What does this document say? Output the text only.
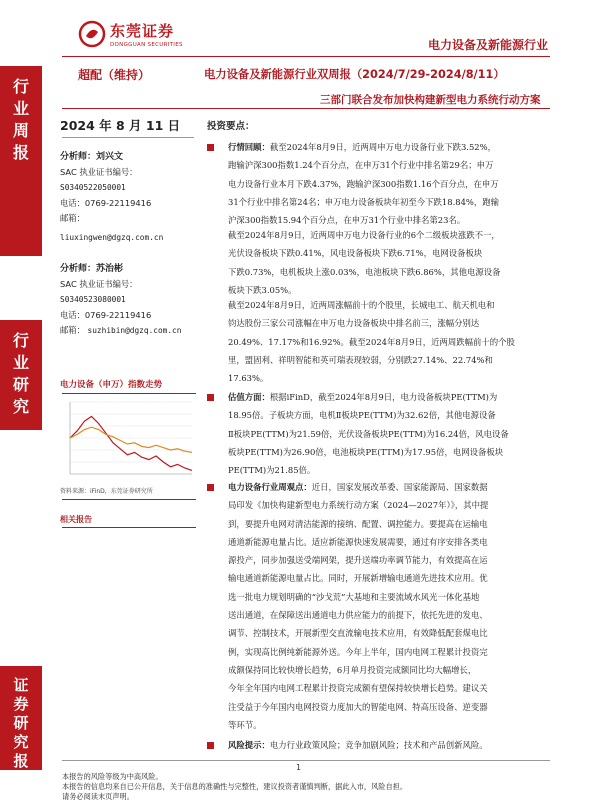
东莞证券
DONGGUAN SECURITIES	电力设备及新能源行业
行业周报
行业研究
证券研究报告
超配（维持）	电力设备及新能源行业双周报（2024/7/29-2024/8/11）
三部门联合发布加快构建新型电力系统行动方案
2024 年 8 月 11 日
分析师：刘兴文
SAC 执业证书编号：
S0340522050001
电话：0769-22119416
邮箱：
liuxingwen@dgzq.com.cn
分析师：苏治彬
SAC 执业证书编号：
S0340523080001
电话：0769-22119416
邮箱： suzhibin@dgzq.com.cn
电力设备（申万）指数走势
资料来源：iFinD，东莞证券研究所
相关报告
投资要点：
行情回顾：截至2024年8月9日，近两周申万电力设备行业下跌3.52%，
跑输沪深300指数1.24个百分点，在申万31个行业中排名第29名；申万
电力设备行业本月下跌4.37%，跑输沪深300指数1.16个百分点，在申万
31个行业中排名第24名；申万电力设备板块年初至今下跌18.84%，跑输
沪深300指数15.94个百分点，在申万31个行业中排名第23名。
截至2024年8月9日，近两周申万电力设备行业的6个二级板块涨跌不一，
光伏设备板块下跌0.41%，风电设备板块下跌6.71%，电网设备板块
下跌0.73%，电机板块上涨0.03%，电池板块下跌6.86%，其他电源设备
板块下跌3.05%。
截至2024年8月9日，近两周涨幅前十的个股里，长城电工、航天机电和
钧达股份三家公司涨幅在申万电力设备板块中排名前三，涨幅分别达
20.49%、17.17%和16.92%。截至2024年8月9日，近两周跌幅前十的个股
里，盟固利、祥明智能和英可瑞表现较弱，分别跌27.14%、22.74%和
17.63%。
估值方面：根据iFinD，截至2024年8月9日，电力设备板块PE(TTM)为
18.95倍。子板块方面，电机Ⅱ板块PE(TTM)为32.62倍，其他电源设备
Ⅱ板块PE(TTM)为21.59倍，光伏设备板块PE(TTM)为16.24倍，风电设备
板块PE(TTM)为26.90倍，电池板块PE(TTM)为17.95倍，电网设备板块
PE(TTM)为21.85倍。
电力设备行业周观点：近日，国家发展改革委、国家能源局、国家数据
局印发《加快构建新型电力系统行动方案（2024—2027年）》，其中提
到，要提升电网对清洁能源的接纳、配置、调控能力。要提高在运输电
通道新能源电量占比。适应新能源快速发展需要，通过有序安排各类电
源投产，同步加强送受端网架，提升送端功率调节能力，有效提高在运
输电通道新能源电量占比。同时，开展新增输电通道先进技术应用。优
选一批电力规划明确的“沙戈荒”大基地和主要流域水风光一体化基地
送出通道，在保障送出通道电力供应能力的前提下，依托先进的发电、
调节、控制技术，开展新型交直流输电技术应用，有效降低配套煤电比
例，实现高比例纯新能源外送。今年上半年，国内电网工程累计投资完
成额保持同比较快增长趋势，6月单月投资完成额同比均大幅增长，
今年全年国内电网工程累计投资完成额有望保持较快增长趋势。建议关
注受益于今年国内电网投资力度加大的智能电网、特高压设备、逆变器
等环节。
风险提示：电力行业政策风险；竞争加剧风险；技术和产品创新风险。
1
本报告的风险等级为中高风险。
本报告的信息均来自已公开信息，关于信息的准确性与完整性，建议投资者谨慎判断，据此入市，风险自担。
请务必阅读末页声明。
